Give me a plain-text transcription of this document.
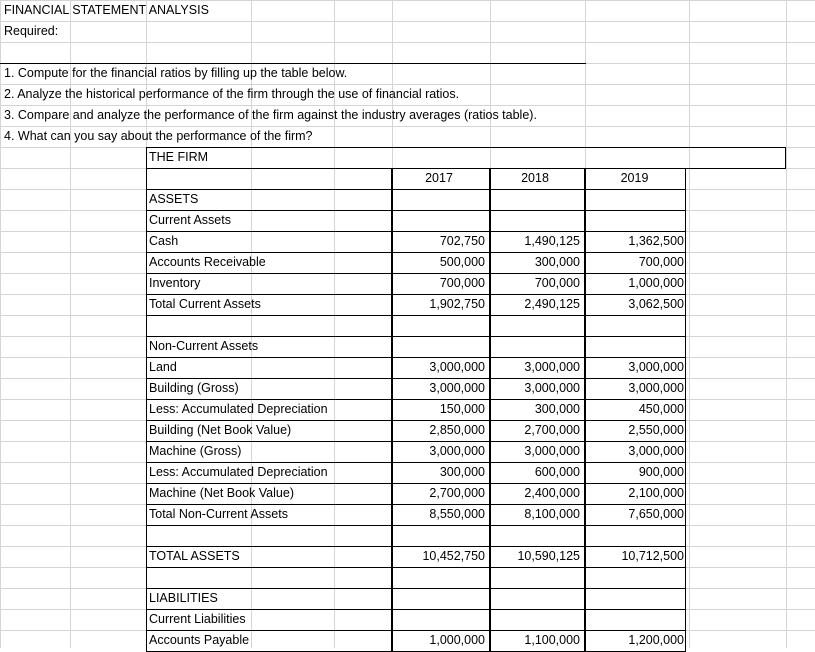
FINANCIAL STATEMENT ANALYSIS
Required:
1. Compute for the financial ratios by filling up the table below.
2. Analyze the historical performance of the firm through the use of financial ratios.
3. Compare and analyze the performance of the firm against the industry averages (ratios table).
4. What can you say about the performance of the firm?
THE FIRM
2017	2018	2019
ASSETS
Current Assets
Cash	702,750	1,490,125	1,362,500
Accounts Receivable	500,000	300,000	700,000
Inventory	700,000	700,000	1,000,000
Total Current Assets	1,902,750	2,490,125	3,062,500
Non-Current Assets
Land	3,000,000	3,000,000	3,000,000
Building (Gross)	3,000,000	3,000,000	3,000,000
Less: Accumulated Depreciation	150,000	300,000	450,000
Building (Net Book Value)	2,850,000	2,700,000	2,550,000
Machine (Gross)	3,000,000	3,000,000	3,000,000
Less: Accumulated Depreciation	300,000	600,000	900,000
Machine (Net Book Value)	2,700,000	2,400,000	2,100,000
Total Non-Current Assets	8,550,000	8,100,000	7,650,000
TOTAL ASSETS	10,452,750	10,590,125	10,712,500
LIABILITIES
Current Liabilities
Accounts Payable	1,000,000	1,100,000	1,200,000
